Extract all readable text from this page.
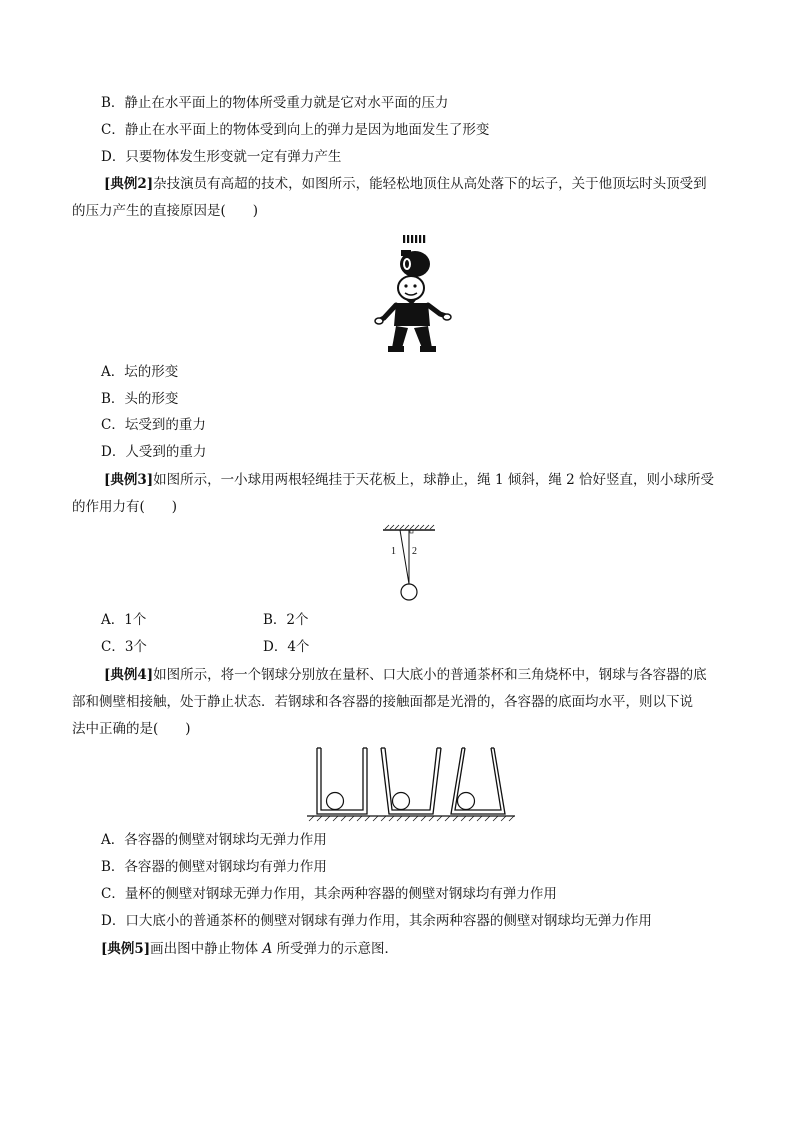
B．静止在水平面上的物体所受重力就是它对水平面的压力
C．静止在水平面上的物体受到向上的弹力是因为地面发生了形变
D．只要物体发生形变就一定有弹力产生
[典例2]杂技演员有高超的技术，如图所示，能轻松地顶住从高处落下的坛子，关于他顶坛时头顶受到
的压力产生的直接原因是(　　)
A．坛的形变
B．头的形变
C．坛受到的重力
D．人受到的重力
[典例3]如图所示，一小球用两根轻绳挂于天花板上，球静止，绳 1 倾斜，绳 2 恰好竖直，则小球所受
的作用力有(　　)
1 2
A．1个	B．2个
C．3个	D．4个
[典例4]如图所示，将一个钢球分别放在量杯、口大底小的普通茶杯和三角烧杯中，钢球与各容器的底
部和侧壁相接触，处于静止状态．若钢球和各容器的接触面都是光滑的，各容器的底面均水平，则以下说
法中正确的是(　　)
A．各容器的侧壁对钢球均无弹力作用
B．各容器的侧壁对钢球均有弹力作用
C．量杯的侧壁对钢球无弹力作用，其余两种容器的侧壁对钢球均有弹力作用
D．口大底小的普通茶杯的侧壁对钢球有弹力作用，其余两种容器的侧壁对钢球均无弹力作用
[典例5]画出图中静止物体 A 所受弹力的示意图．
